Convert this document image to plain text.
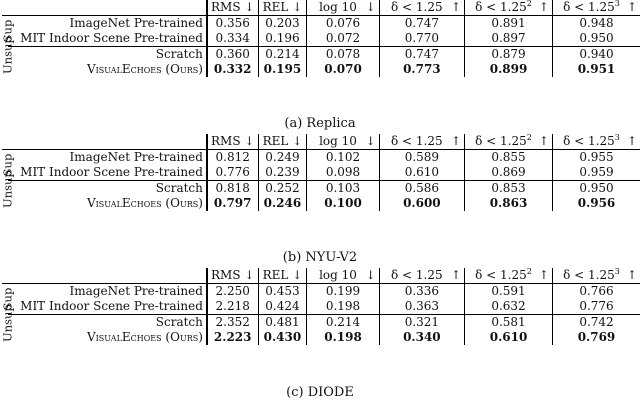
		RMS ↓	REL ↓	log 10 ↓	δ < 1.25 ↑	$\delta < 1.25^2$ ↑	$\delta < 1.25^3$ ↑

Sup	ImageNet Pre-trained	0.356	0.203	0.076	0.747	0.891	0.948
	MIT Indoor Scene Pre-trained	0.334	0.196	0.072	0.770	0.897	0.950

Unsup	Scratch	0.360	0.214	0.078	0.747	0.879	0.940
	VisualEchoes (Ours)	0.332	0.195	0.070	0.773	0.899	0.951
(a) Replica
		RMS ↓	REL ↓	log 10 ↓	δ < 1.25 ↑	$\delta < 1.25^2$ ↑	$\delta < 1.25^3$ ↑

Sup	ImageNet Pre-trained	0.812	0.249	0.102	0.589	0.855	0.955
	MIT Indoor Scene Pre-trained	0.776	0.239	0.098	0.610	0.869	0.959

Unsup	Scratch	0.818	0.252	0.103	0.586	0.853	0.950
	VisualEchoes (Ours)	0.797	0.246	0.100	0.600	0.863	0.956
(b) NYU-V2
		RMS ↓	REL ↓	log 10 ↓	δ < 1.25 ↑	$\delta < 1.25^2$ ↑	$\delta < 1.25^3$ ↑

Sup	ImageNet Pre-trained	2.250	0.453	0.199	0.336	0.591	0.766
	MIT Indoor Scene Pre-trained	2.218	0.424	0.198	0.363	0.632	0.776

Unsup	Scratch	2.352	0.481	0.214	0.321	0.581	0.742
	VisualEchoes (Ours)	2.223	0.430	0.198	0.340	0.610	0.769
(c) DIODE
